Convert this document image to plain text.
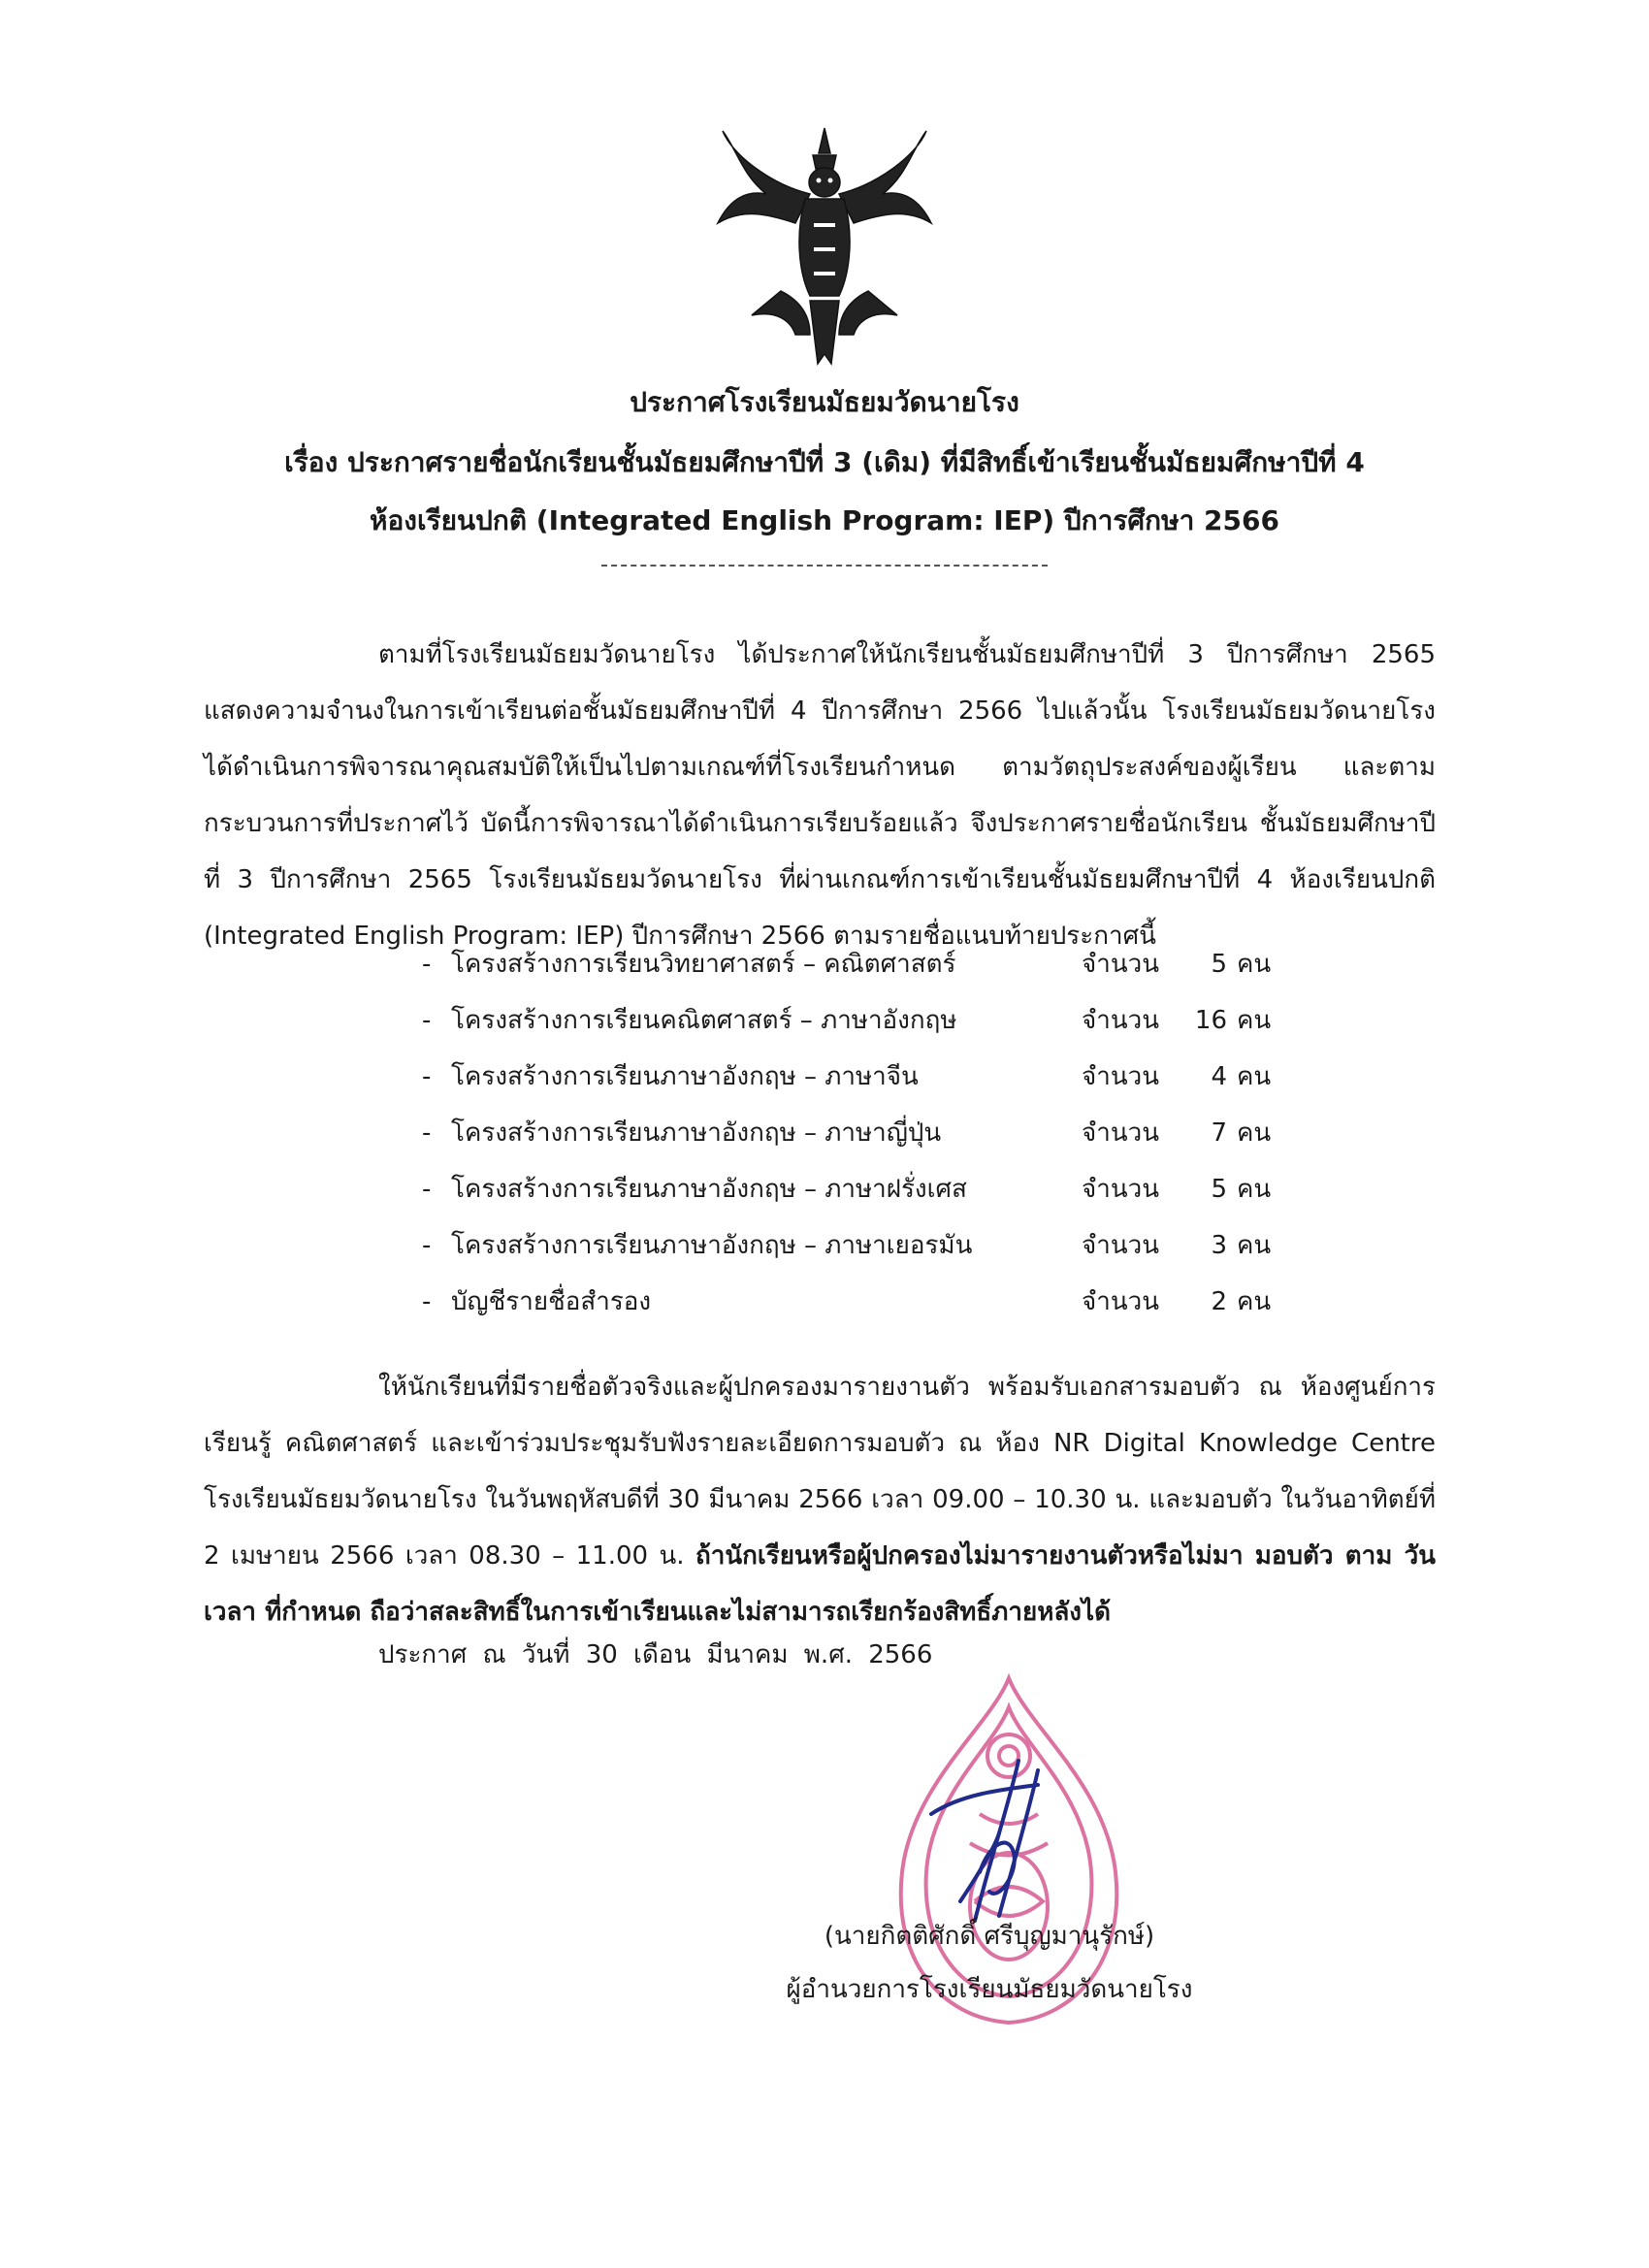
ประกาศโรงเรียนมัธยมวัดนายโรง
เรื่อง ประกาศรายชื่อนักเรียนชั้นมัธยมศึกษาปีที่ 3 (เดิม) ที่มีสิทธิ์เข้าเรียนชั้นมัธยมศึกษาปีที่ 4
ห้องเรียนปกติ (Integrated English Program: IEP) ปีการศึกษา 2566

ตามที่โรงเรียนมัธยมวัดนายโรง ได้ประกาศให้นักเรียนชั้นมัธยมศึกษาปีที่ 3 ปีการศึกษา 2565 แสดงความจำนงในการเข้าเรียนต่อชั้นมัธยมศึกษาปีที่ 4 ปีการศึกษา 2566 ไปแล้วนั้น โรงเรียนมัธยมวัดนายโรง ได้ดำเนินการพิจารณาคุณสมบัติให้เป็นไปตามเกณฑ์ที่โรงเรียนกำหนด ตามวัตถุประสงค์ของผู้เรียน และตามกระบวนการที่ประกาศไว้ บัดนี้การพิจารณาได้ดำเนินการเรียบร้อยแล้ว จึงประกาศรายชื่อนักเรียน ชั้นมัธยมศึกษาปีที่ 3 ปีการศึกษา 2565 โรงเรียนมัธยมวัดนายโรง ที่ผ่านเกณฑ์การเข้าเรียนชั้นมัธยมศึกษาปีที่ 4 ห้องเรียนปกติ (Integrated English Program: IEP) ปีการศึกษา 2566 ตามรายชื่อแนบท้ายประกาศนี้

- โครงสร้างการเรียนวิทยาศาสตร์ – คณิตศาสตร์	จำนวน	5 คน
- โครงสร้างการเรียนคณิตศาสตร์ – ภาษาอังกฤษ	จำนวน 16 คน
- โครงสร้างการเรียนภาษาอังกฤษ – ภาษาจีน	จำนวน	4 คน
- โครงสร้างการเรียนภาษาอังกฤษ – ภาษาญี่ปุ่น	จำนวน	7 คน
- โครงสร้างการเรียนภาษาอังกฤษ – ภาษาฝรั่งเศส	จำนวน	5 คน
- โครงสร้างการเรียนภาษาอังกฤษ – ภาษาเยอรมัน	จำนวน	3 คน
- บัญชีรายชื่อสำรอง	จำนวน	2 คน

ให้นักเรียนที่มีรายชื่อตัวจริงและผู้ปกครองมารายงานตัว พร้อมรับเอกสารมอบตัว ณ ห้องศูนย์การเรียนรู้ คณิตศาสตร์ และเข้าร่วมประชุมรับฟังรายละเอียดการมอบตัว ณ ห้อง NR Digital Knowledge Centre โรงเรียนมัธยมวัดนายโรง ในวันพฤหัสบดีที่ 30 มีนาคม 2566 เวลา 09.00 – 10.30 น. และมอบตัว ในวันอาทิตย์ที่ 2 เมษายน 2566 เวลา 08.30 – 11.00 น. ถ้านักเรียนหรือผู้ปกครองไม่มารายงานตัวหรือไม่มา มอบตัว ตาม วัน เวลา ที่กำหนด ถือว่าสละสิทธิ์ในการเข้าเรียนและไม่สามารถเรียกร้องสิทธิ์ภายหลังได้

ประกาศ ณ วันที่ 30 เดือน มีนาคม พ.ศ. 2566
(นายกิตติศักดิ์ ศรีบุญมานุรักษ์)
ผู้อำนวยการโรงเรียนมัธยมวัดนายโรง
